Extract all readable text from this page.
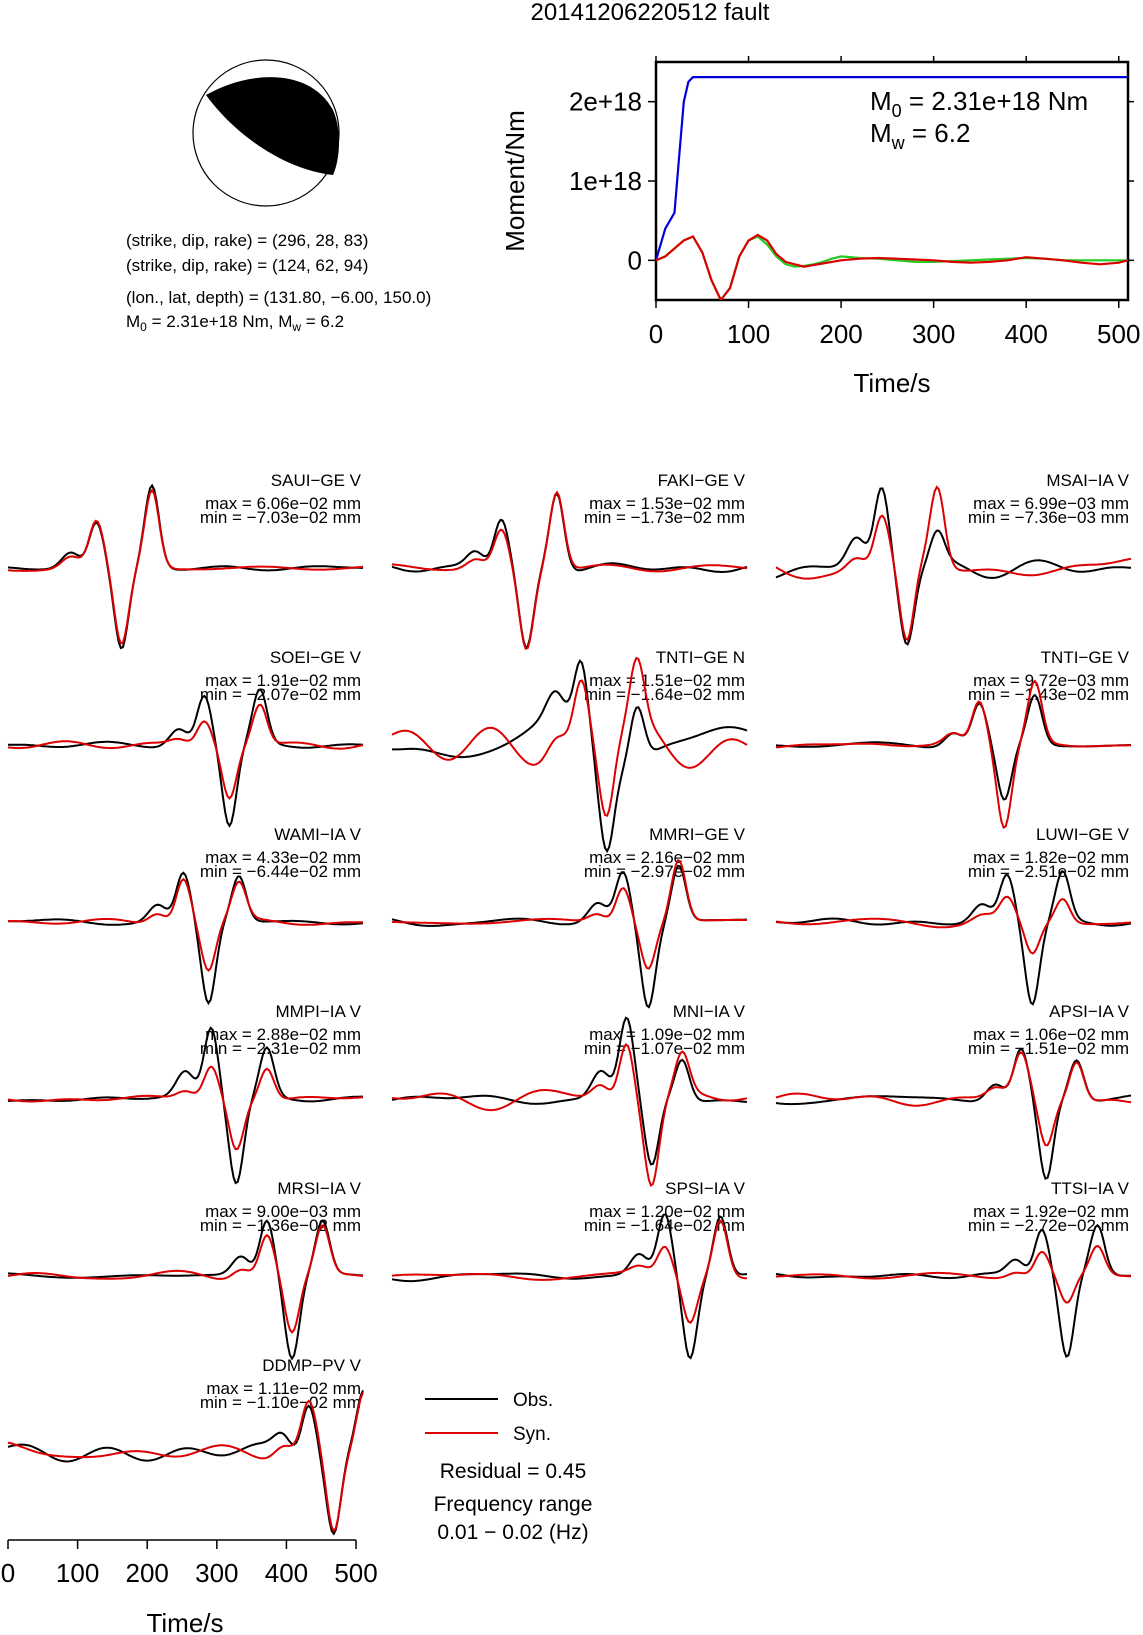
20141206220512 fault
(strike, dip, rake) = (296, 28, 83)
(strike, dip, rake) = (124, 62, 94)
(lon., lat, depth) = (131.80, −6.00, 150.0)
$M_0 = 2.31e+18$ Nm, $M_w = 6.2$	0 100 200 300 400 500
0
1e+18
2e+18
Time/s
Moment/Nm
$M_0 = 2.31e+18$ Nm
$M_w = 6.2$
SAUI−GE V
max = 6.06e−02 mm
min = −7.03e−02 mm
FAKI−GE V
max = 1.53e−02 mm
min = −1.73e−02 mm
MSAI−IA V
max = 6.99e−03 mm
min = −7.36e−03 mm
SOEI−GE V
max = 1.91e−02 mm
min = −2.07e−02 mm
TNTI−GE N
max = 1.51e−02 mm
min = −1.64e−02 mm
TNTI−GE V
max = 9.72e−03 mm
min = −1.43e−02 mm
WAMI−IA V
max = 4.33e−02 mm
min = −6.44e−02 mm
MMRI−GE V
max = 2.16e−02 mm
min = −2.97e−02 mm
LUWI−GE V
max = 1.82e−02 mm
min = −2.51e−02 mm
MMPI−IA V
max = 2.88e−02 mm
min = −2.31e−02 mm
MNI−IA V
max = 1.09e−02 mm
min = −1.07e−02 mm
APSI−IA V
max = 1.06e−02 mm
min = −1.51e−02 mm
MRSI−IA V
max = 9.00e−03 mm
min = −1.36e−02 mm
SPSI−IA V
max = 1.20e−02 mm
min = −1.64e−02 mm
TTSI−IA V
max = 1.92e−02 mm
min = −2.72e−02 mm
DDMP−PV V
max = 1.11e−02 mm
min = −1.10e−02 mm
0 100 200 300 400 500
Time/s
Obs.
Syn.
Residual = 0.45
Frequency range
0.01 − 0.02 (Hz)
